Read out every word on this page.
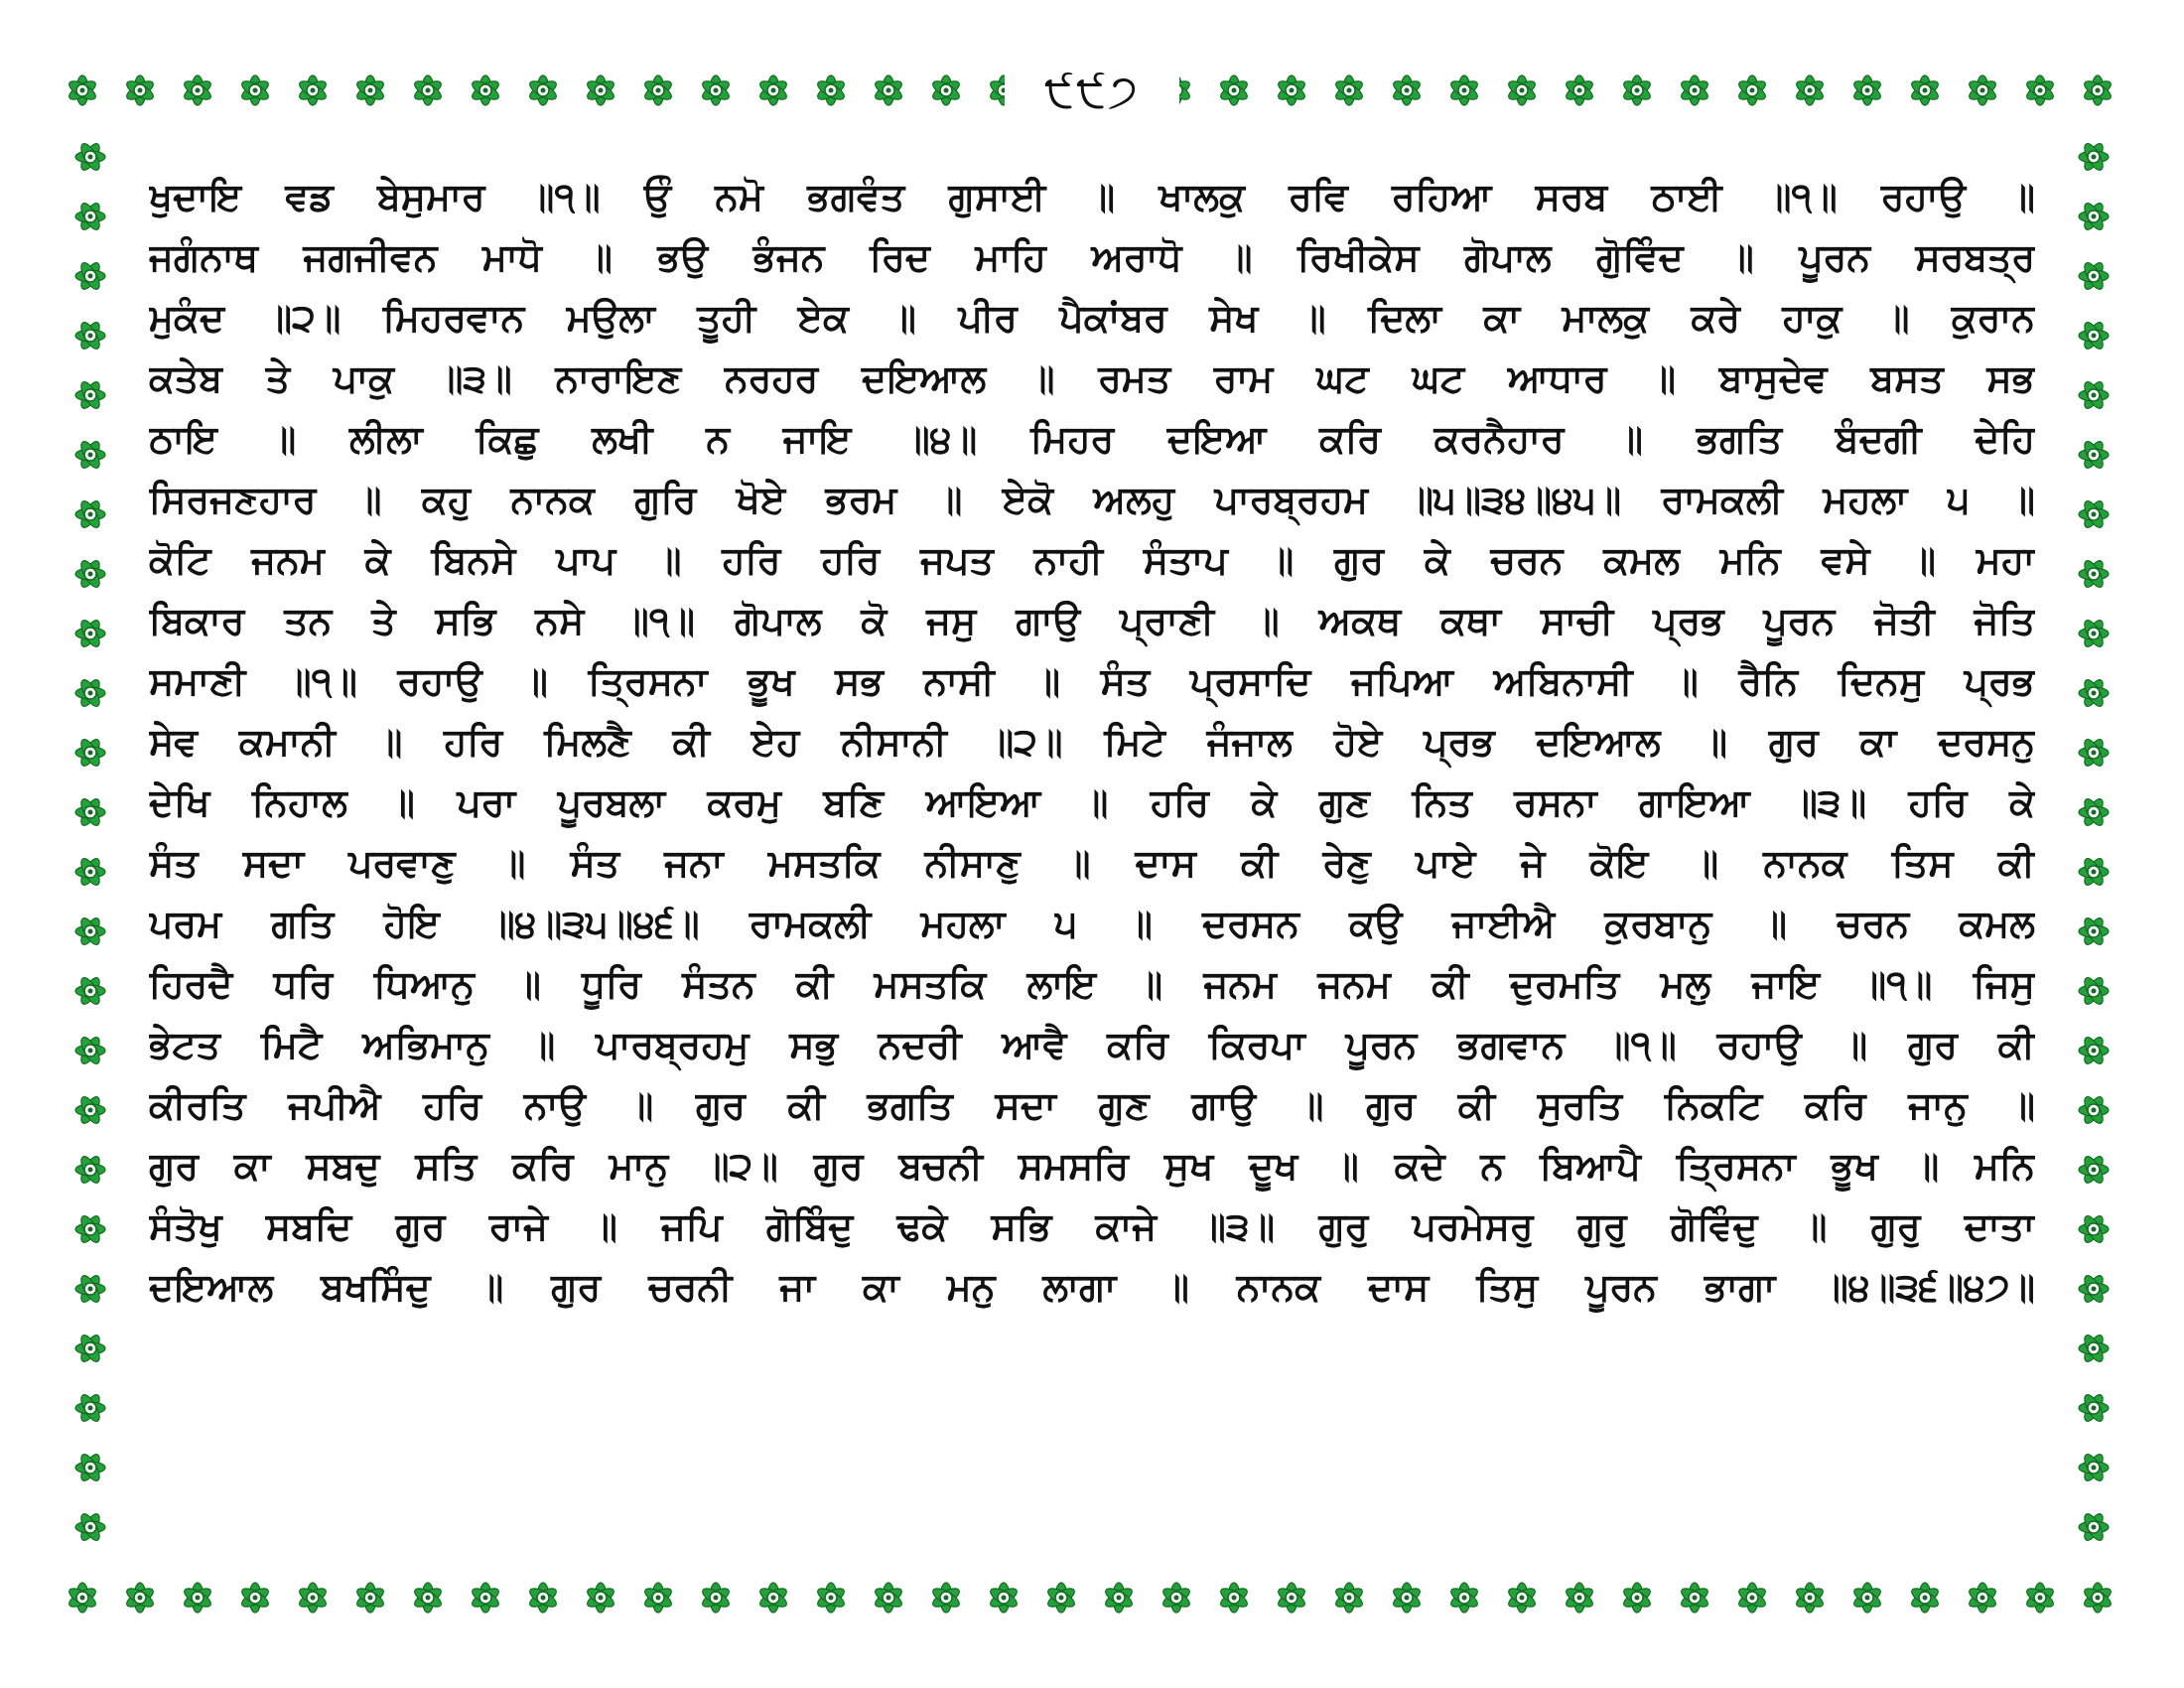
੯੯੭
ਖੁਦਾਇ ਵਡ ਬੇਸੁਮਾਰ ॥੧॥ ਓੁੰ ਨਮੋ ਭਗਵੰਤ ਗੁਸਾਈ ॥ ਖਾਲਕੁ ਰਵਿ ਰਹਿਆ ਸਰਬ ਠਾਈ ॥੧॥ ਰਹਾਉ ॥
ਜਗੰਨਾਥ ਜਗਜੀਵਨ ਮਾਧੋ ॥ ਭਉ ਭੰਜਨ ਰਿਦ ਮਾਹਿ ਅਰਾਧੋ ॥ ਰਿਖੀਕੇਸ ਗੋਪਾਲ ਗੋੁਵਿੰਦ ॥ ਪੂਰਨ ਸਰਬਤ੍ਰ
ਮੁਕੰਦ ॥੨॥ ਮਿਹਰਵਾਨ ਮਉਲਾ ਤੂਹੀ ਏਕ ॥ ਪੀਰ ਪੈਕਾਂਬਰ ਸੇਖ ॥ ਦਿਲਾ ਕਾ ਮਾਲਕੁ ਕਰੇ ਹਾਕੁ ॥ ਕੁਰਾਨ
ਕਤੇਬ ਤੇ ਪਾਕੁ ॥੩॥ ਨਾਰਾਇਣ ਨਰਹਰ ਦਇਆਲ ॥ ਰਮਤ ਰਾਮ ਘਟ ਘਟ ਆਧਾਰ ॥ ਬਾਸੁਦੇਵ ਬਸਤ ਸਭ
ਠਾਇ ॥ ਲੀਲਾ ਕਿਛੁ ਲਖੀ ਨ ਜਾਇ ॥੪॥ ਮਿਹਰ ਦਇਆ ਕਰਿ ਕਰਨੈਹਾਰ ॥ ਭਗਤਿ ਬੰਦਗੀ ਦੇਹਿ
ਸਿਰਜਣਹਾਰ ॥ ਕਹੁ ਨਾਨਕ ਗੁਰਿ ਖੋਏ ਭਰਮ ॥ ਏਕੋ ਅਲਹੁ ਪਾਰਬ੍ਰਹਮ ॥੫॥੩੪॥੪੫॥ ਰਾਮਕਲੀ ਮਹਲਾ ੫ ॥
ਕੋਟਿ ਜਨਮ ਕੇ ਬਿਨਸੇ ਪਾਪ ॥ ਹਰਿ ਹਰਿ ਜਪਤ ਨਾਹੀ ਸੰਤਾਪ ॥ ਗੁਰ ਕੇ ਚਰਨ ਕਮਲ ਮਨਿ ਵਸੇ ॥ ਮਹਾ
ਬਿਕਾਰ ਤਨ ਤੇ ਸਭਿ ਨਸੇ ॥੧॥ ਗੋਪਾਲ ਕੋ ਜਸੁ ਗਾਉ ਪ੍ਰਾਣੀ ॥ ਅਕਥ ਕਥਾ ਸਾਚੀ ਪ੍ਰਭ ਪੂਰਨ ਜੋਤੀ ਜੋਤਿ
ਸਮਾਣੀ ॥੧॥ ਰਹਾਉ ॥ ਤ੍ਰਿਸਨਾ ਭੂਖ ਸਭ ਨਾਸੀ ॥ ਸੰਤ ਪ੍ਰਸਾਦਿ ਜਪਿਆ ਅਬਿਨਾਸੀ ॥ ਰੈਨਿ ਦਿਨਸੁ ਪ੍ਰਭ
ਸੇਵ ਕਮਾਨੀ ॥ ਹਰਿ ਮਿਲਣੈ ਕੀ ਏਹ ਨੀਸਾਨੀ ॥੨॥ ਮਿਟੇ ਜੰਜਾਲ ਹੋਏ ਪ੍ਰਭ ਦਇਆਲ ॥ ਗੁਰ ਕਾ ਦਰਸਨੁ
ਦੇਖਿ ਨਿਹਾਲ ॥ ਪਰਾ ਪੂਰਬਲਾ ਕਰਮੁ ਬਣਿ ਆਇਆ ॥ ਹਰਿ ਕੇ ਗੁਣ ਨਿਤ ਰਸਨਾ ਗਾਇਆ ॥੩॥ ਹਰਿ ਕੇ
ਸੰਤ ਸਦਾ ਪਰਵਾਣੁ ॥ ਸੰਤ ਜਨਾ ਮਸਤਕਿ ਨੀਸਾਣੁ ॥ ਦਾਸ ਕੀ ਰੇਣੁ ਪਾਏ ਜੇ ਕੋਇ ॥ ਨਾਨਕ ਤਿਸ ਕੀ
ਪਰਮ ਗਤਿ ਹੋਇ ॥੪॥੩੫॥੪੬॥ ਰਾਮਕਲੀ ਮਹਲਾ ੫ ॥ ਦਰਸਨ ਕਉ ਜਾਈਐ ਕੁਰਬਾਨੁ ॥ ਚਰਨ ਕਮਲ
ਹਿਰਦੈ ਧਰਿ ਧਿਆਨੁ ॥ ਧੂਰਿ ਸੰਤਨ ਕੀ ਮਸਤਕਿ ਲਾਇ ॥ ਜਨਮ ਜਨਮ ਕੀ ਦੁਰਮਤਿ ਮਲੁ ਜਾਇ ॥੧॥ ਜਿਸੁ
ਭੇਟਤ ਮਿਟੈ ਅਭਿਮਾਨੁ ॥ ਪਾਰਬ੍ਰਹਮੁ ਸਭੁ ਨਦਰੀ ਆਵੈ ਕਰਿ ਕਿਰਪਾ ਪੂਰਨ ਭਗਵਾਨ ॥੧॥ ਰਹਾਉ ॥ ਗੁਰ ਕੀ
ਕੀਰਤਿ ਜਪੀਐ ਹਰਿ ਨਾਉ ॥ ਗੁਰ ਕੀ ਭਗਤਿ ਸਦਾ ਗੁਣ ਗਾਉ ॥ ਗੁਰ ਕੀ ਸੁਰਤਿ ਨਿਕਟਿ ਕਰਿ ਜਾਨੁ ॥
ਗੁਰ ਕਾ ਸਬਦੁ ਸਤਿ ਕਰਿ ਮਾਨੁ ॥੨॥ ਗੁਰ ਬਚਨੀ ਸਮਸਰਿ ਸੁਖ ਦੂਖ ॥ ਕਦੇ ਨ ਬਿਆਪੈ ਤ੍ਰਿਸਨਾ ਭੂਖ ॥ ਮਨਿ
ਸੰਤੋਖੁ ਸਬਦਿ ਗੁਰ ਰਾਜੇ ॥ ਜਪਿ ਗੋਬਿੰਦੁ ਢਕੇ ਸਭਿ ਕਾਜੇ ॥੩॥ ਗੁਰੁ ਪਰਮੇਸਰੁ ਗੁਰੁ ਗੋਵਿੰਦੁ ॥ ਗੁਰੁ ਦਾਤਾ
ਦਇਆਲ ਬਖਸਿੰਦੁ ॥ ਗੁਰ ਚਰਨੀ ਜਾ ਕਾ ਮਨੁ ਲਾਗਾ ॥ ਨਾਨਕ ਦਾਸ ਤਿਸੁ ਪੂਰਨ ਭਾਗਾ ॥੪॥੩੬॥੪੭॥
